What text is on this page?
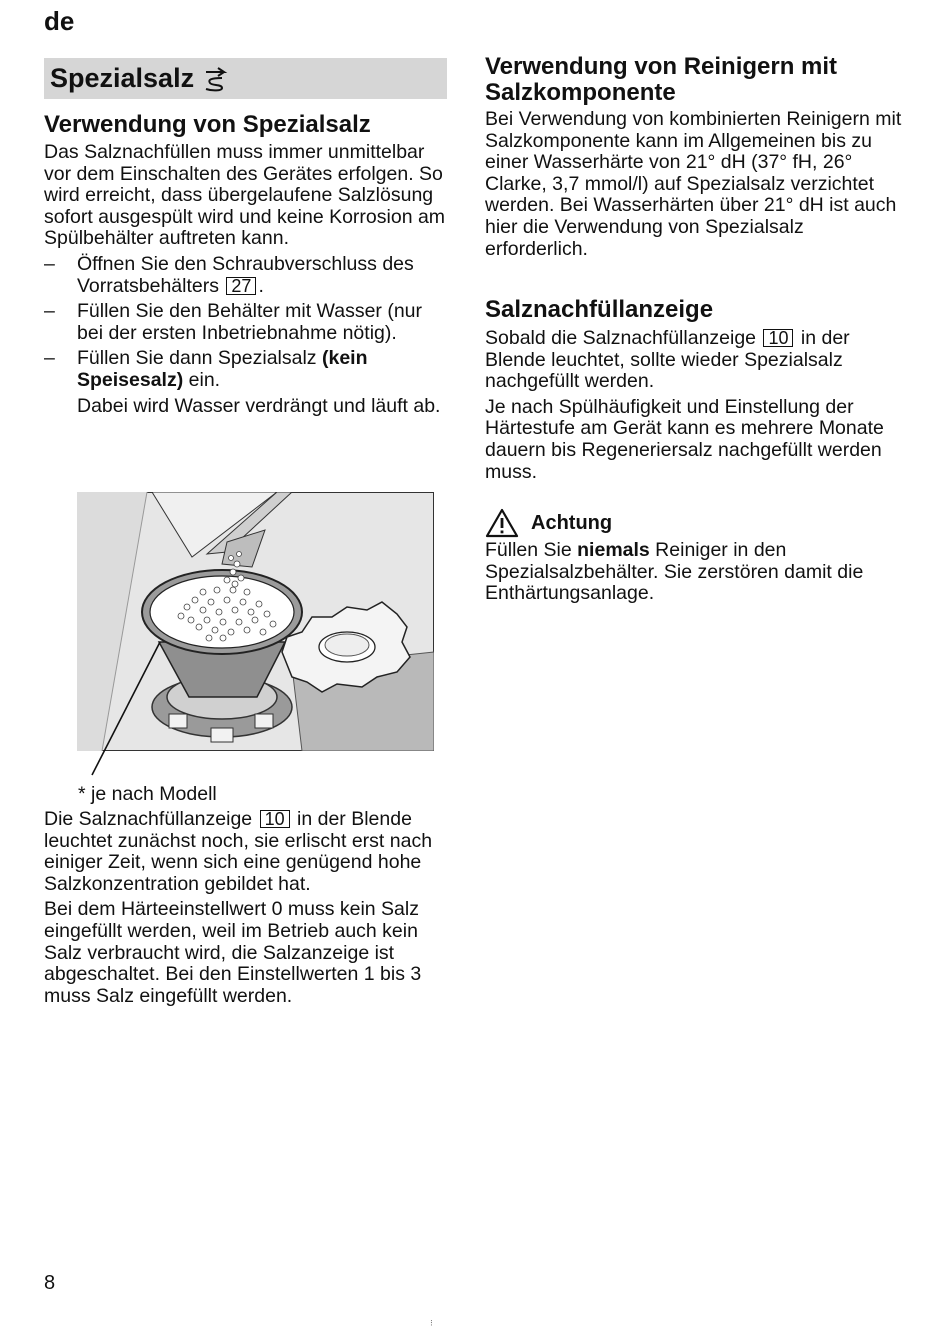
de
Spezialsalz
Verwendung von Spezialsalz

Das Salznachfüllen muss immer unmittelbar vor dem Einschalten des Gerätes erfolgen. So wird erreicht, dass übergelaufene Salzlösung sofort ausgespült wird und keine Korrosion am Spülbehälter auftreten kann.

– Öffnen Sie den Schraubverschluss des Vorratsbehälters 27 .

– Füllen Sie den Behälter mit Wasser (nur bei der ersten Inbetriebnahme nötig).

– Füllen Sie dann Spezialsalz (kein Speisesalz) ein.

Dabei wird Wasser verdrängt und läuft ab.

* je nach Modell

Die Salznachfüllanzeige 10 in der Blende leuchtet zunächst noch, sie erlischt erst nach einiger Zeit, wenn sich eine genügend hohe Salzkonzentration gebildet hat.

Bei dem Härteeinstellwert 0 muss kein Salz eingefüllt werden, weil im Betrieb auch kein Salz verbraucht wird, die Salzanzeige ist abgeschaltet. Bei den Einstellwerten 1 bis 3 muss Salz eingefüllt werden.

Verwendung von Reinigern mit
Salzkomponente

Bei Verwendung von kombinierten Reinigern mit Salzkomponente kann im Allgemeinen bis zu einer Wasserhärte von 21° dH (37° fH, 26° Clarke, 3,7 mmol/l) auf Spezialsalz verzichtet werden. Bei Wasserhärten über 21° dH ist auch hier die Verwendung von Spezialsalz erforderlich.

Salznachfüllanzeige

Sobald die Salznachfüllanzeige 10 in der Blende leuchtet, sollte wieder Spezialsalz nachgefüllt werden.

Je nach Spülhäufigkeit und Einstellung der Härtestufe am Gerät kann es mehrere Monate dauern bis Regeneriersalz nachgefüllt werden muss.

Achtung

Füllen Sie niemals Reiniger in den Spezialsalzbehälter. Sie zerstören damit die Enthärtungsanlage.

8
⁝
